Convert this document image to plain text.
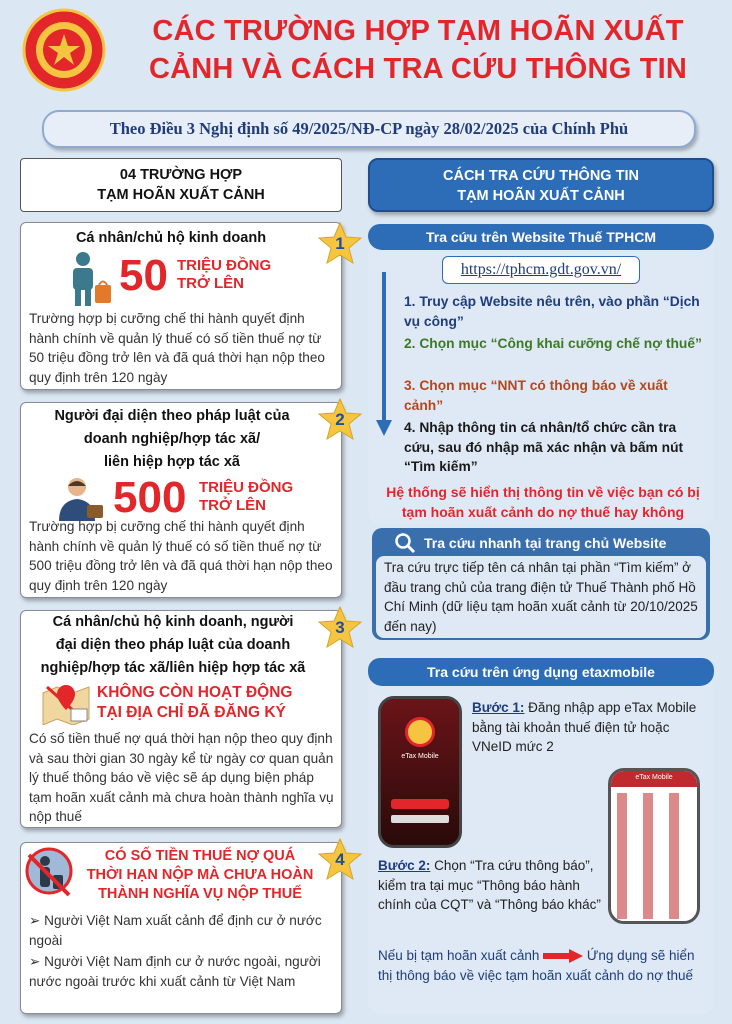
CÁC TRƯỜNG HỢP TẠM HOÃN XUẤT
CẢNH VÀ CÁCH TRA CỨU THÔNG TIN
Theo Điều 3 Nghị định số 49/2025/NĐ-CP ngày 28/02/2025 của Chính Phủ
04 TRƯỜNG HỢP
TẠM HOÃN XUẤT CẢNH
Cá nhân/chủ hộ kinh doanh
50 TRIỆU ĐỒNG
TRỞ LÊN
Trường hợp bị cưỡng chế thi hành quyết định hành chính về quản lý thuế có số tiền thuế nợ từ 50 triệu đồng trở lên và đã quá thời hạn nộp theo quy định trên 120 ngày
1
Người đại diện theo pháp luật của
doanh nghiệp/hợp tác xã/
liên hiệp hợp tác xã
500 TRIỆU ĐỒNG
TRỞ LÊN
Trường hợp bị cưỡng chế thi hành quyết định hành chính về quản lý thuế có số tiền thuế nợ từ 500 triệu đồng trở lên và đã quá thời hạn nộp theo quy định trên 120 ngày
2
Cá nhân/chủ hộ kinh doanh, người
đại diện theo pháp luật của doanh
nghiệp/hợp tác xã/liên hiệp hợp tác xã
KHÔNG CÒN HOẠT ĐỘNG
TẠI ĐỊA CHỈ ĐÃ ĐĂNG KÝ
Có số tiền thuế nợ quá thời hạn nộp theo quy định và sau thời gian 30 ngày kể từ ngày cơ quan quản lý thuế thông báo về việc sẽ áp dụng biện pháp tạm hoãn xuất cảnh mà chưa hoàn thành nghĩa vụ nộp thuế
3
CÓ SỐ TIỀN THUẾ NỢ QUÁ
THỜI HẠN NỘP MÀ CHƯA HOÀN
THÀNH NGHĨA VỤ NỘP THUẾ
➢ Người Việt Nam xuất cảnh để định cư ở nước ngoài
➢ Người Việt Nam định cư ở nước ngoài, người nước ngoài trước khi xuất cảnh từ Việt Nam
4
CÁCH TRA CỨU THÔNG TIN
TẠM HOÃN XUẤT CẢNH
Tra cứu trên Website Thuế TPHCM
https://tphcm.gdt.gov.vn/
1. Truy cập Website nêu trên, vào phần “Dịch vụ công”
2. Chọn mục “Công khai cưỡng chế nợ thuế”
3. Chọn mục “NNT có thông báo về xuất cảnh”
4. Nhập thông tin cá nhân/tổ chức cần tra cứu, sau đó nhập mã xác nhận và bấm nút “Tìm kiếm”
Hệ thống sẽ hiển thị thông tin về việc bạn có bị tạm hoãn xuất cảnh do nợ thuế hay không
Tra cứu nhanh tại trang chủ Website
Tra cứu trực tiếp tên cá nhân tại phần “Tìm kiếm” ở đầu trang chủ của trang điện tử Thuế Thành phố Hồ Chí Minh (dữ liệu tạm hoãn xuất cảnh từ 20/10/2025 đến nay)
Tra cứu trên ứng dụng etaxmobile
eTax Mobile
Bước 1: Đăng nhập app eTax Mobile bằng tài khoản thuế điện tử hoặc VNeID mức 2
eTax Mobile
Bước 2: Chọn “Tra cứu thông báo”, kiểm tra tại mục “Thông báo hành chính của CQT” và “Thông báo khác”
Nếu bị tạm hoãn xuất cảnh	Ứng dụng sẽ hiển thị thông báo về việc tạm hoãn xuất cảnh do nợ thuế
